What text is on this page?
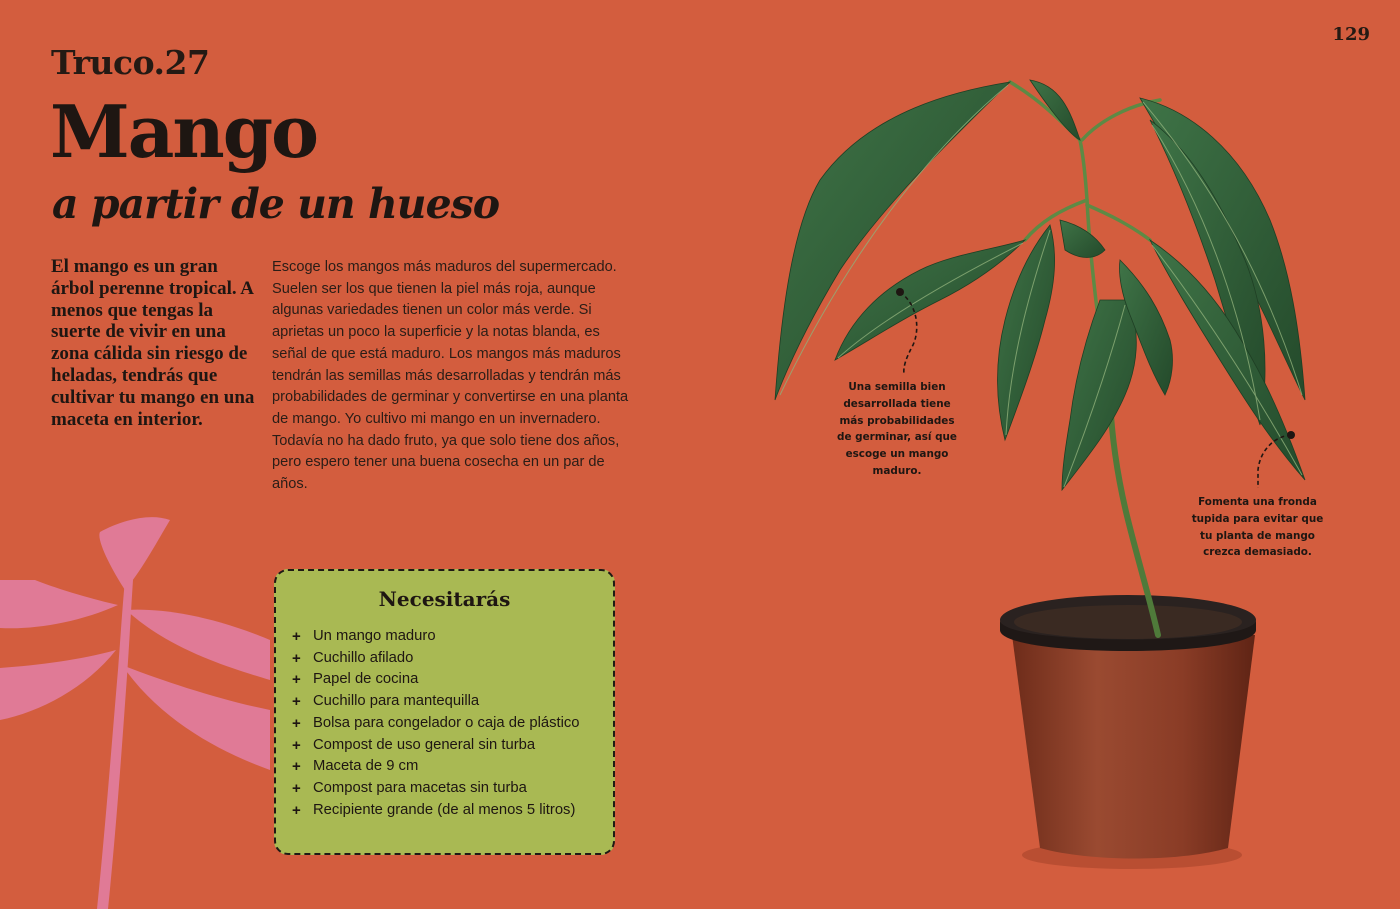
129
Truco.27
Mango
a partir de un hueso

El mango es un gran árbol perenne tropical. A menos que tengas la suerte de vivir en una zona cálida sin riesgo de heladas, tendrás que cultivar tu mango en una maceta en interior.

Escoge los mangos más maduros del supermercado. Suelen ser los que tienen la piel más roja, aunque algunas variedades tienen un color más verde. Si aprietas un poco la superficie y la notas blanda, es señal de que está maduro. Los mangos más maduros tendrán las semillas más desarrolladas y tendrán más probabilidades de germinar y convertirse en una planta de mango. Yo cultivo mi mango en un invernadero. Todavía no ha dado fruto, ya que solo tiene dos años, pero espero tener una buena cosecha en un par de años.

Necesitarás
+ Un mango maduro
+ Cuchillo afilado
+ Papel de cocina
+ Cuchillo para mantequilla
+ Bolsa para congelador o caja de plástico
+ Compost de uso general sin turba
+ Maceta de 9 cm
+ Compost para macetas sin turba
+ Recipiente grande (de al menos 5 litros)
Una semilla bien desarrollada tiene más probabilidades de germinar, así que escoge un mango maduro.
Fomenta una fronda tupida para evitar que tu planta de mango crezca demasiado.
